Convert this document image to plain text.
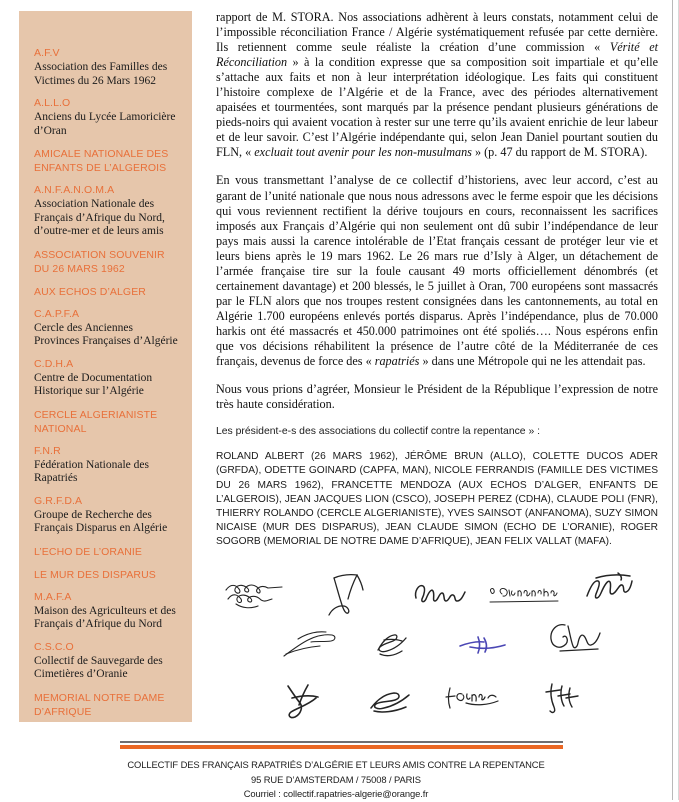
A.F.V
Association des Familles des Victimes du 26 Mars 1962
A.L.L.O
Anciens du Lycée Lamoricière d’Oran
AMICALE NATIONALE DES ENFANTS DE L’ALGEROIS
A.N.F.A.N.O.M.A
Association Nationale des Français d’Afrique du Nord, d’outre-mer et de leurs amis
ASSOCIATION SOUVENIR DU 26 MARS 1962
AUX ECHOS D’ALGER
C.A.P.F.A
Cercle des Anciennes Provinces Françaises d’Algérie
C.D.H.A
Centre de Documentation Historique sur l’Algérie
CERCLE ALGERIANISTE NATIONAL
F.N.R
Fédération Nationale des Rapatriés
G.R.F.D.A
Groupe de Recherche des Français Disparus en Algérie
L’ECHO DE L’ORANIE
LE MUR DES DISPARUS
M.A.F.A
Maison des Agriculteurs et des Français d’Afrique du Nord
C.S.C.O
Collectif de Sauvegarde des Cimetières d’Oranie
MEMORIAL NOTRE DAME D’AFRIQUE

rapport de M. STORA. Nos associations adhèrent à leurs constats, notamment celui de l’impossible réconciliation France / Algérie systématiquement refusée par cette dernière. Ils retiennent comme seule réaliste la création d’une commission « Vérité et Réconciliation » à la condition expresse que sa composition soit impartiale et qu’elle s’attache aux faits et non à leur interprétation idéologique. Les faits qui constituent l’histoire complexe de l’Algérie et de la France, avec des périodes alternativement apaisées et tourmentées, sont marqués par la présence pendant plusieurs générations de pieds-noirs qui avaient vocation à rester sur une terre qu’ils avaient enrichie de leur labeur et de leur savoir. C’est l’Algérie indépendante qui, selon Jean Daniel pourtant soutien du FLN, « excluait tout avenir pour les non-musulmans » (p. 47 du rapport de M. STORA).

En vous transmettant l’analyse de ce collectif d’historiens, avec leur accord, c’est au garant de l’unité nationale que nous nous adressons avec le ferme espoir que les décisions qui vous reviennent rectifient la dérive toujours en cours, reconnaissent les sacrifices imposés aux Français d’Algérie qui non seulement ont dû subir l’indépendance de leur pays mais aussi la carence intolérable de l’Etat français cessant de protéger leur vie et leurs biens après le 19 mars 1962. Le 26 mars rue d’Isly à Alger, un détachement de l’armée française tire sur la foule causant 49 morts officiellement dénombrés (et certainement davantage) et 200 blessés, le 5 juillet à Oran, 700 européens sont massacrés par le FLN alors que nos troupes restent consignées dans les cantonnements, au total en Algérie 1.700 européens enlevés portés disparus. Après l’indépendance, plus de 70.000 harkis ont été massacrés et 450.000 patrimoines ont été spoliés…. Nous espérons enfin que vos décisions réhabilitent la présence de l’autre côté de la Méditerranée de ces français, devenus de force des « rapatriés » dans une Métropole qui ne les attendait pas.

Nous vous prions d’agréer, Monsieur le Président de la République l’expression de notre très haute considération.

Les président-e-s des associations du collectif contre la repentance » :

ROLAND ALBERT (26 MARS 1962), JÉRÔME BRUN (ALLO), COLETTE DUCOS ADER (GRFDA), ODETTE GOINARD (CAPFA, MAN), NICOLE FERRANDIS (FAMILLE DES VICTIMES DU 26 MARS 1962), FRANCETTE MENDOZA (AUX ECHOS D’ALGER, ENFANTS DE L’ALGEROIS), JEAN JACQUES LION (CSCO), JOSEPH PEREZ (CDHA), CLAUDE POLI (FNR), THIERRY ROLANDO (CERCLE ALGERIANISTE), YVES SAINSOT (ANFANOMA), SUZY SIMON NICAISE (MUR DES DISPARUS), JEAN CLAUDE SIMON (ECHO DE L’ORANIE), ROGER SOGORB (MEMORIAL DE NOTRE DAME D’AFRIQUE), JEAN FELIX VALLAT (MAFA).

COLLECTIF DES FRANÇAIS RAPATRIÉS D’ALGÉRIE ET LEURS AMIS CONTRE LA REPENTANCE
95 RUE D’AMSTERDAM / 75008 / PARIS
Courriel : collectif.rapatries-algerie@orange.fr
